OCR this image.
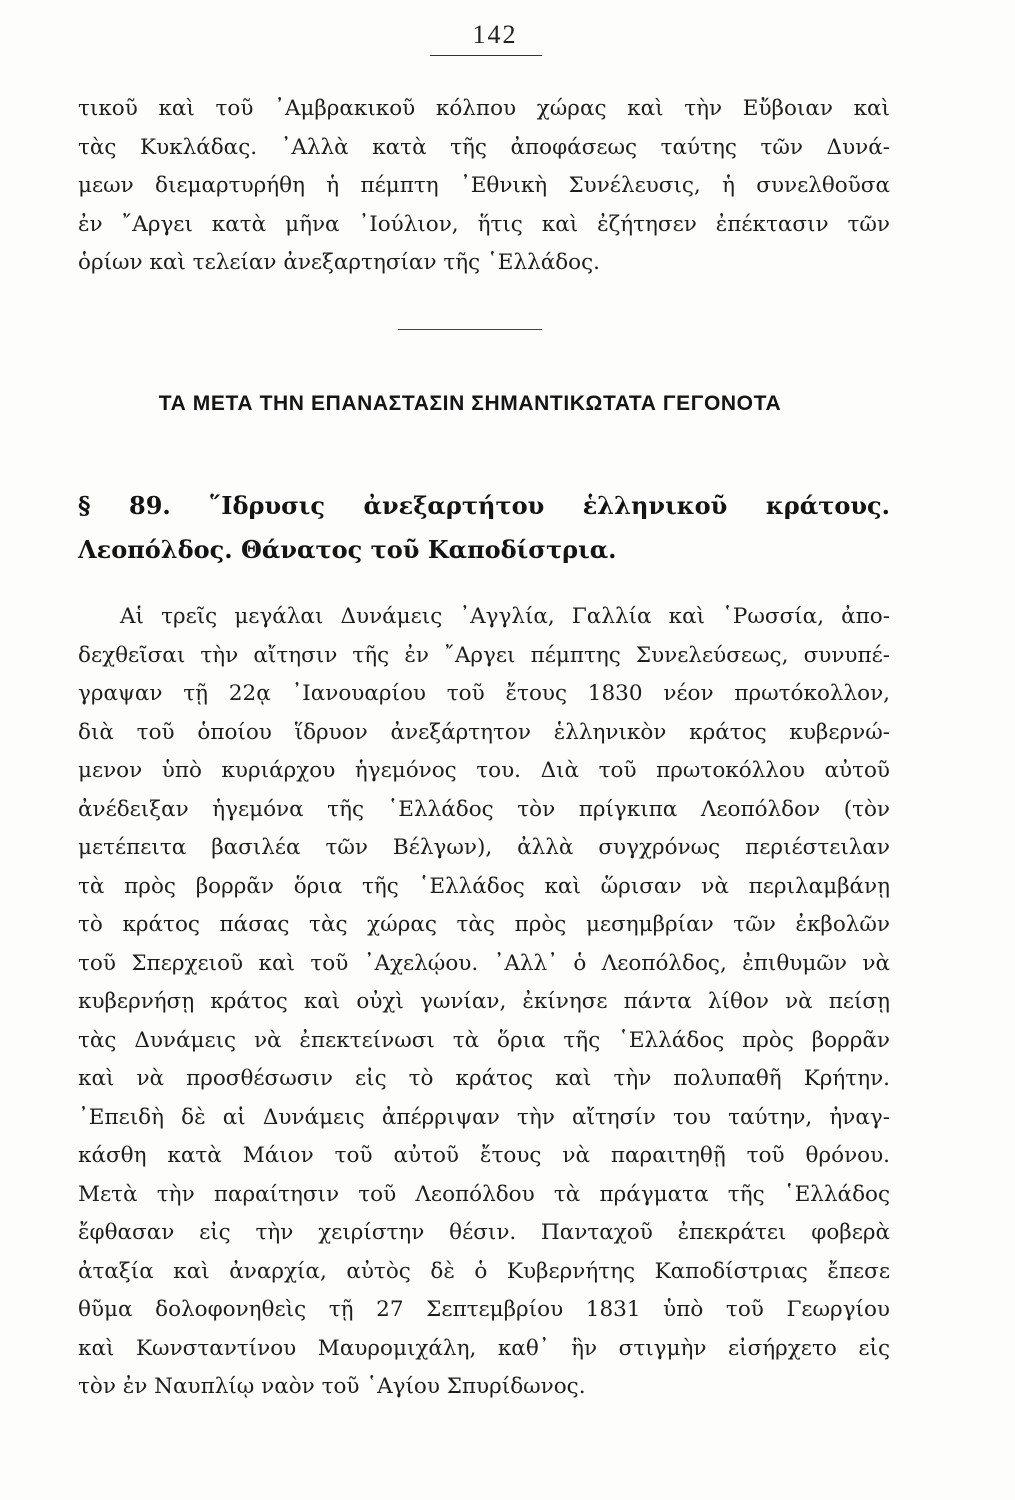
142
τικοῦ καὶ τοῦ ᾿Αμβρακικοῦ κόλπου χώρας καὶ τὴν Εὔβοιαν καὶ
τὰς Κυκλάδας. ᾿Αλλὰ κατὰ τῆς ἀποφάσεως ταύτης τῶν Δυνά-
μεων διεμαρτυρήθη ἡ πέμπτη ᾿Εθνικὴ Συνέλευσις, ἡ συνελθοῦσα
ἐν ῎Αργει κατὰ μῆνα ᾿Ιούλιον, ἥτις καὶ ἐζήτησεν ἐπέκτασιν τῶν
ὁρίων καὶ τελείαν ἀνεξαρτησίαν τῆς ῾Ελλάδος.
ΤΑ ΜΕΤΑ ΤΗΝ ΕΠΑΝΑΣΤΑΣΙΝ ΣΗΜΑΝΤΙΚΩΤΑΤΑ ΓΕΓΟΝΟΤΑ
§ 89. ῞Ιδρυσις ἀνεξαρτήτου ἑλληνικοῦ κράτους.
Λεοπόλδος. Θάνατος τοῦ Καποδίστρια.
Αἱ τρεῖς μεγάλαι Δυνάμεις ᾿Αγγλία, Γαλλία καὶ ῾Ρωσσία, ἀπο-
δεχθεῖσαι τὴν αἴτησιν τῆς ἐν ῎Αργει πέμπτης Συνελεύσεως, συνυπέ-
γραψαν τῇ 22ᾳ ᾿Ιανουαρίου τοῦ ἔτους 1830 νέον πρωτόκολλον,
διὰ τοῦ ὁποίου ἵδρυον ἀνεξάρτητον ἑλληνικὸν κράτος κυβερνώ-
μενον ὑπὸ κυριάρχου ἡγεμόνος του. Διὰ τοῦ πρωτοκόλλου αὐτοῦ
ἀνέδειξαν ἡγεμόνα τῆς ῾Ελλάδος τὸν πρίγκιπα Λεοπόλδον (τὸν
μετέπειτα βασιλέα τῶν Βέλγων), ἀλλὰ συγχρόνως περιέστειλαν
τὰ πρὸς βορρᾶν ὅρια τῆς ῾Ελλάδος καὶ ὥρισαν νὰ περιλαμβάνῃ
τὸ κράτος πάσας τὰς χώρας τὰς πρὸς μεσημβρίαν τῶν ἐκβολῶν
τοῦ Σπερχειοῦ καὶ τοῦ ᾿Αχελῴου. ᾿Αλλ᾿ ὁ Λεοπόλδος, ἐπιθυμῶν νὰ
κυβερνήσῃ κράτος καὶ οὐχὶ γωνίαν, ἐκίνησε πάντα λίθον νὰ πείσῃ
τὰς Δυνάμεις νὰ ἐπεκτείνωσι τὰ ὅρια τῆς ῾Ελλάδος πρὸς βορρᾶν
καὶ νὰ προσθέσωσιν εἰς τὸ κράτος καὶ τὴν πολυπαθῆ Κρήτην.
᾿Επειδὴ δὲ αἱ Δυνάμεις ἀπέρριψαν τὴν αἴτησίν του ταύτην, ἠναγ-
κάσθη κατὰ Μάιον τοῦ αὐτοῦ ἔτους νὰ παραιτηθῇ τοῦ θρόνου.
Μετὰ τὴν παραίτησιν τοῦ Λεοπόλδου τὰ πράγματα τῆς ῾Ελλάδος
ἔφθασαν εἰς τὴν χειρίστην θέσιν. Πανταχοῦ ἐπεκράτει φοβερὰ
ἀταξία καὶ ἀναρχία, αὐτὸς δὲ ὁ Κυβερνήτης Καποδίστριας ἔπεσε
θῦμα δολοφονηθεὶς τῇ 27 Σεπτεμβρίου 1831 ὑπὸ τοῦ Γεωργίου
καὶ Κωνσταντίνου Μαυρομιχάλη, καθ᾿ ἣν στιγμὴν εἰσήρχετο εἰς
τὸν ἐν Ναυπλίῳ ναὸν τοῦ ῾Αγίου Σπυρίδωνος.
